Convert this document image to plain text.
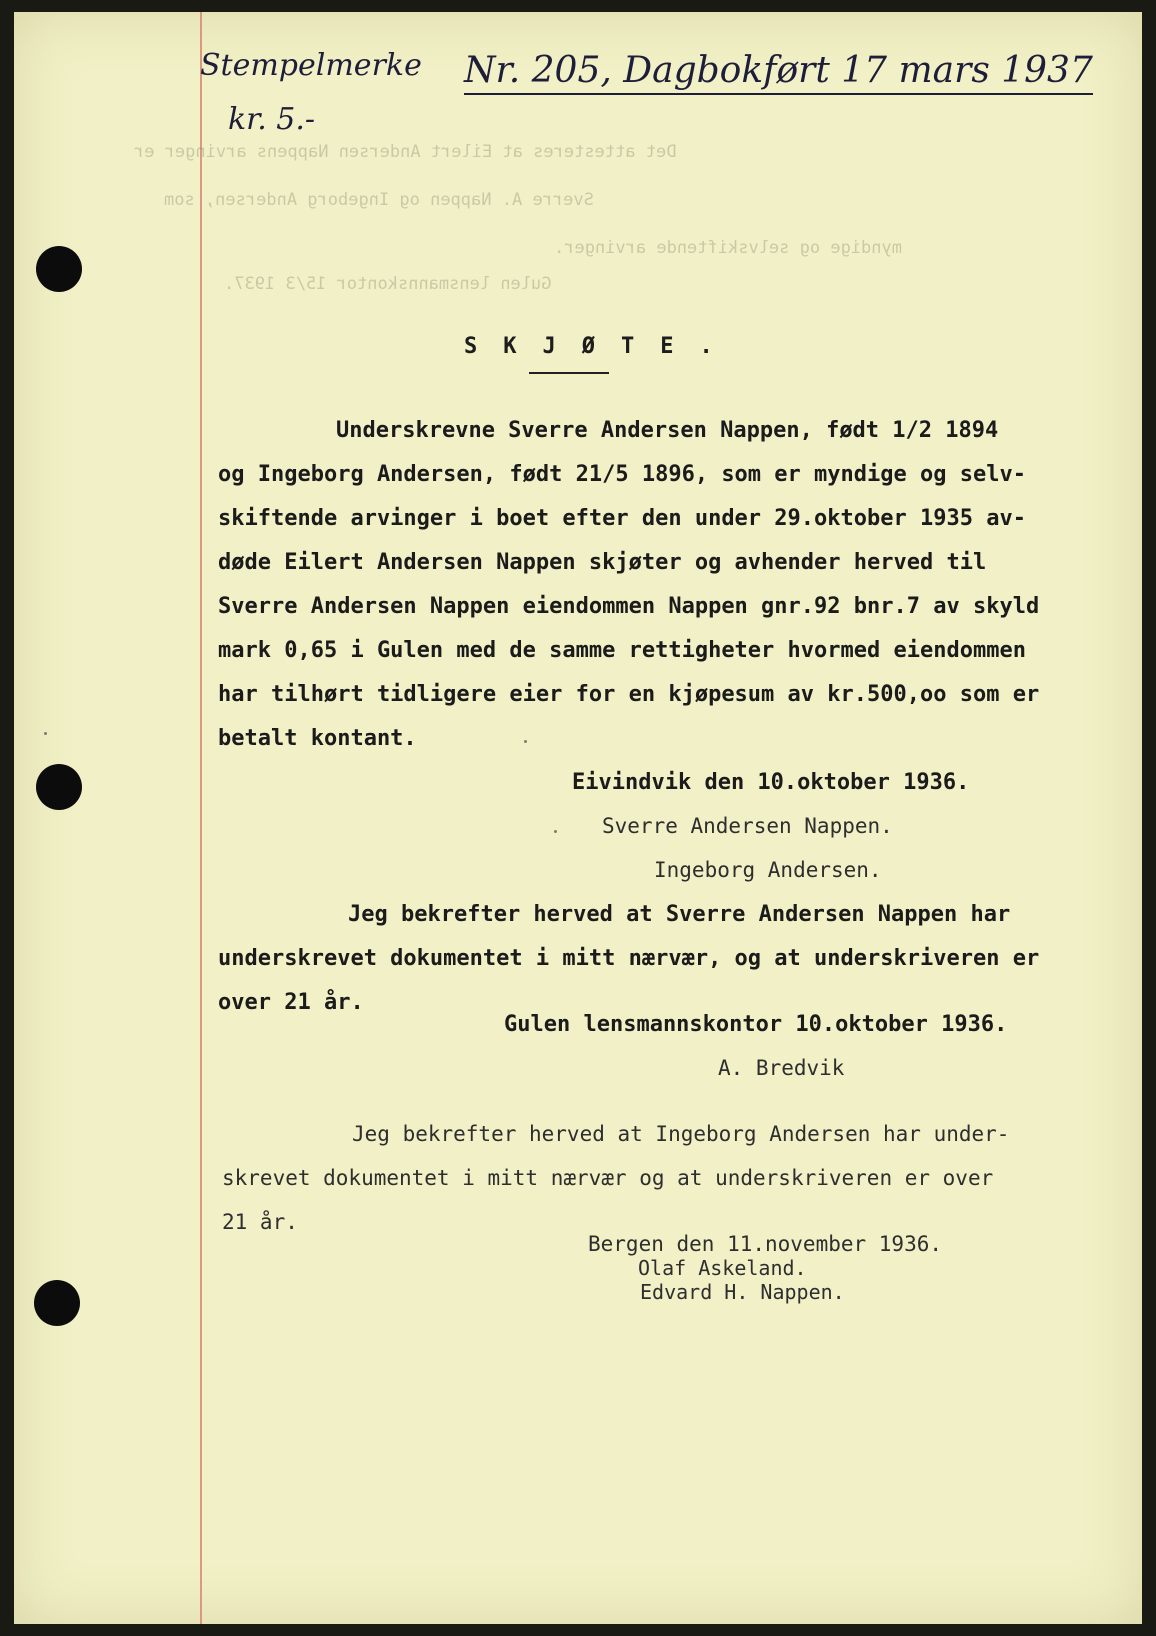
Stempelmerke
kr. 5.-
Nr. 205, Dagbokført 17 mars 1937
Det attesteres at Eilert Andersen Nappens arvinger er
Sverre A. Nappen og Ingeborg Andersen, som
myndige og selvskiftende arvinger.
Gulen lensmannskontor 15/3 1937.
SKJØTE.
Underskrevne Sverre Andersen Nappen, født 1/2 1894
og Ingeborg Andersen, født 21/5 1896, som er myndige og selv-
skiftende arvinger i boet efter den under 29.oktober 1935 av-
døde Eilert Andersen Nappen skjøter og avhender herved til
Sverre Andersen Nappen eiendommen Nappen gnr.92 bnr.7 av skyld
mark 0,65 i Gulen med de samme rettigheter hvormed eiendommen
har tilhørt tidligere eier for en kjøpesum av kr.500,oo som er
betalt kontant.
Eivindvik den 10.oktober 1936.
Sverre Andersen Nappen.
Ingeborg Andersen.
Jeg bekrefter herved at Sverre Andersen Nappen har
underskrevet dokumentet i mitt nærvær, og at underskriveren er
over 21 år.
Gulen lensmannskontor 10.oktober 1936.
A. Bredvik
Jeg bekrefter herved at Ingeborg Andersen har under-
skrevet dokumentet i mitt nærvær og at underskriveren er over
21 år.
Bergen den 11.november 1936.
Olaf Askeland.
Edvard H. Nappen.
